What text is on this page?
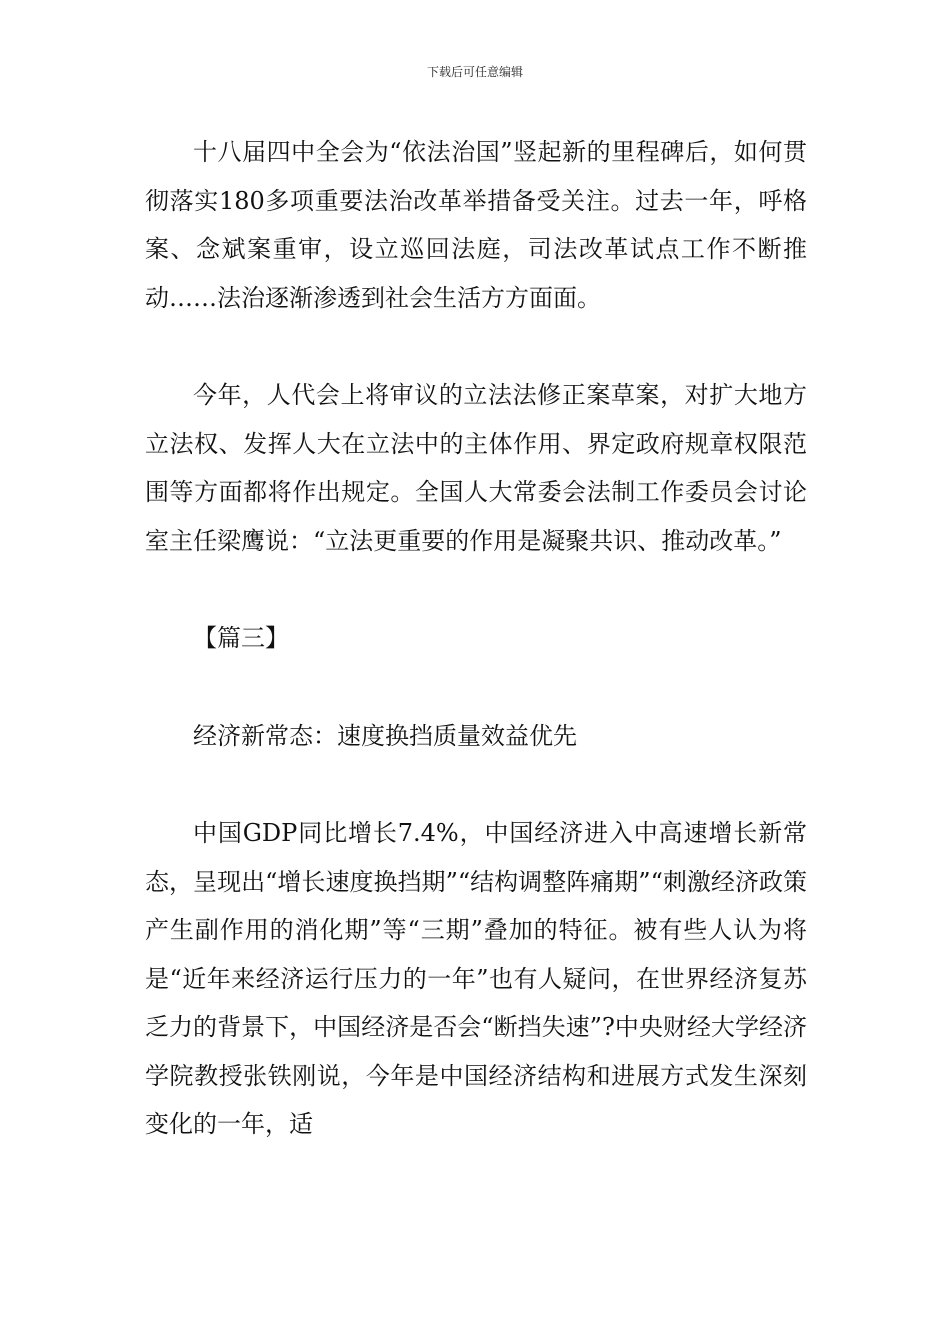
下载后可任意编辑

十八届四中全会为“依法治国”竖起新的里程碑后，如何贯彻落实180多项重要法治改革举措备受关注。过去一年，呼格案、念斌案重审，设立巡回法庭，司法改革试点工作不断推动……法治逐渐渗透到社会生活方方面面。

今年，人代会上将审议的立法法修正案草案，对扩大地方立法权、发挥人大在立法中的主体作用、界定政府规章权限范围等方面都将作出规定。全国人大常委会法制工作委员会讨论室主任梁鹰说：“立法更重要的作用是凝聚共识、推动改革。”

【篇三】

经济新常态：速度换挡质量效益优先

中国GDP同比增长7.4%，中国经济进入中高速增长新常态，呈现出“增长速度换挡期”“结构调整阵痛期”“刺激经济政策产生副作用的消化期”等“三期”叠加的特征。被有些人认为将是“近年来经济运行压力的一年”也有人疑问，在世界经济复苏乏力的背景下，中国经济是否会“断挡失速”?中央财经大学经济学院教授张铁刚说，今年是中国经济结构和进展方式发生深刻变化的一年，适
